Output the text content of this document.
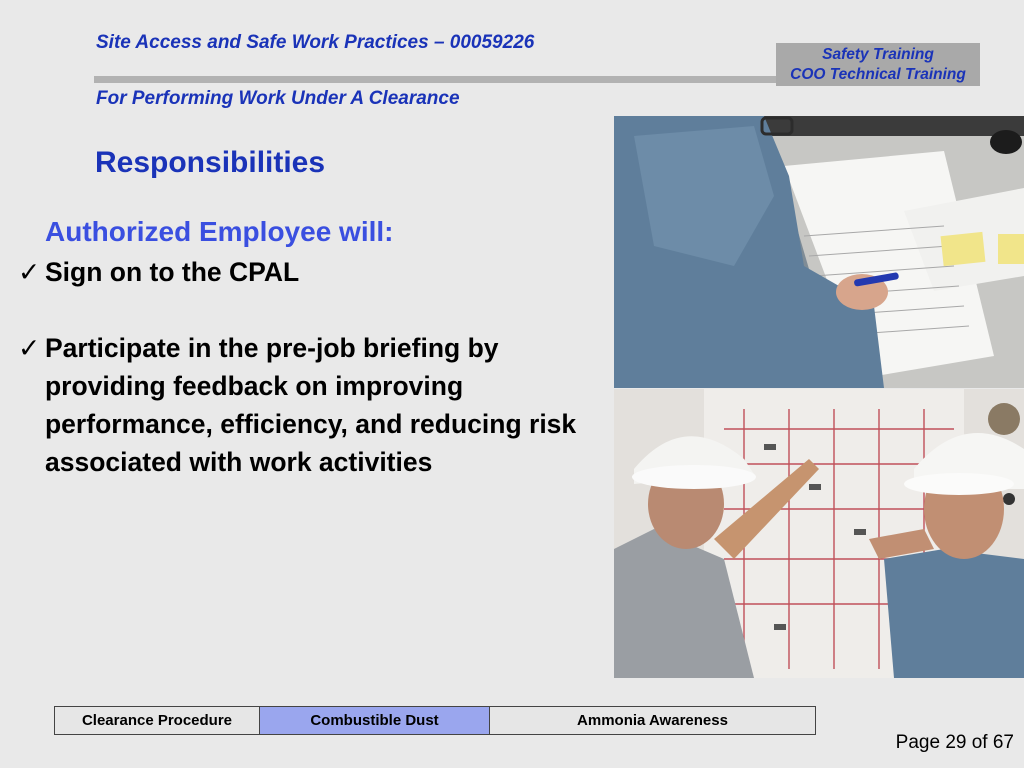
Site Access and Safe Work Practices – 00059226
For Performing Work Under A Clearance
Safety Training
COO Technical Training
Responsibilities
Authorized Employee will:
✓ Sign on to the CPAL
✓ Participate in the pre-job briefing by providing feedback on improving performance, efficiency, and reducing risk associated with work activities
Clearance Procedure	Combustible Dust	Ammonia Awareness
Page 29 of 67
